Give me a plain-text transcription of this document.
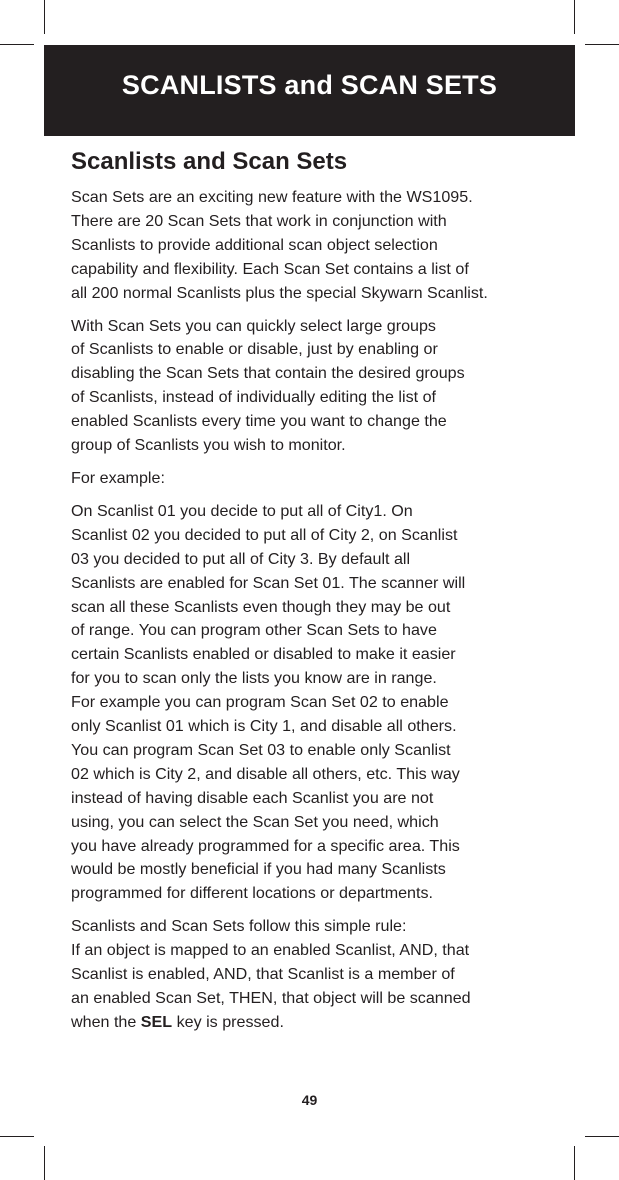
SCANLISTS and SCAN SETS
Scanlists and Scan Sets

Scan Sets are an exciting new feature with the WS1095.
There are 20 Scan Sets that work in conjunction with
Scanlists to provide additional scan object selection
capability and flexibility. Each Scan Set contains a list of
all 200 normal Scanlists plus the special Skywarn Scanlist.

With Scan Sets you can quickly select large groups
of Scanlists to enable or disable, just by enabling or
disabling the Scan Sets that contain the desired groups
of Scanlists, instead of individually editing the list of
enabled Scanlists every time you want to change the
group of Scanlists you wish to monitor.

For example:

On Scanlist 01 you decide to put all of City1. On
Scanlist 02 you decided to put all of City 2, on Scanlist
03 you decided to put all of City 3. By default all
Scanlists are enabled for Scan Set 01. The scanner will
scan all these Scanlists even though they may be out
of range. You can program other Scan Sets to have
certain Scanlists enabled or disabled to make it easier
for you to scan only the lists you know are in range.
For example you can program Scan Set 02 to enable
only Scanlist 01 which is City 1, and disable all others.
You can program Scan Set 03 to enable only Scanlist
02 which is City 2, and disable all others, etc. This way
instead of having disable each Scanlist you are not
using, you can select the Scan Set you need, which
you have already programmed for a specific area. This
would be mostly beneficial if you had many Scanlists
programmed for different locations or departments.

Scanlists and Scan Sets follow this simple rule:
If an object is mapped to an enabled Scanlist, AND, that
Scanlist is enabled, AND, that Scanlist is a member of
an enabled Scan Set, THEN, that object will be scanned
when the SEL key is pressed.

49
